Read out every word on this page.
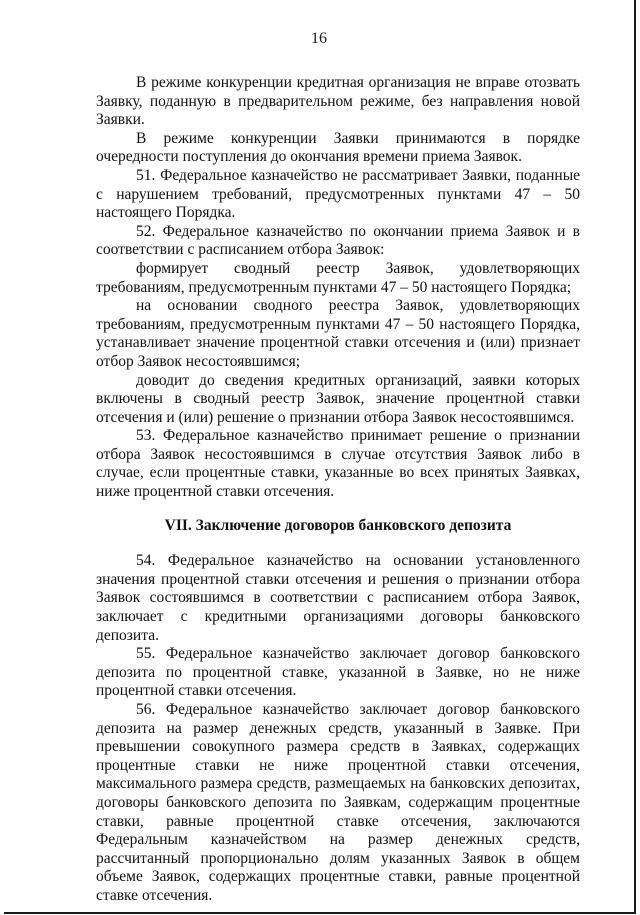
16

В режиме конкуренции кредитная организация не вправе отозвать Заявку, поданную в предварительном режиме, без направления новой Заявки.

В режиме конкуренции Заявки принимаются в порядке очередности поступления до окончания времени приема Заявок.

51. Федеральное казначейство не рассматривает Заявки, поданные с нарушением требований, предусмотренных пунктами 47 – 50 настоящего Порядка.

52. Федеральное казначейство по окончании приема Заявок и в соответствии с расписанием отбора Заявок:

формирует сводный реестр Заявок, удовлетворяющих требованиям, предусмотренным пунктами 47 – 50 настоящего Порядка;

на основании сводного реестра Заявок, удовлетворяющих требованиям, предусмотренным пунктами 47 – 50 настоящего Порядка, устанавливает значение процентной ставки отсечения и (или) признает отбор Заявок несостоявшимся;

доводит до сведения кредитных организаций, заявки которых включены в сводный реестр Заявок, значение процентной ставки отсечения и (или) решение о признании отбора Заявок несостоявшимся.

53. Федеральное казначейство принимает решение о признании отбора Заявок несостоявшимся в случае отсутствия Заявок либо в случае, если процентные ставки, указанные во всех принятых Заявках, ниже процентной ставки отсечения.

VII. Заключение договоров банковского депозита

54. Федеральное казначейство на основании установленного значения процентной ставки отсечения и решения о признании отбора Заявок состоявшимся в соответствии с расписанием отбора Заявок, заключает с кредитными организациями договоры банковского депозита.

55. Федеральное казначейство заключает договор банковского депозита по процентной ставке, указанной в Заявке, но не ниже процентной ставки отсечения.

56. Федеральное казначейство заключает договор банковского депозита на размер денежных средств, указанный в Заявке. При превышении совокупного размера средств в Заявках, содержащих процентные ставки не ниже процентной ставки отсечения, максимального размера средств, размещаемых на банковских депозитах, договоры банковского депозита по Заявкам, содержащим процентные ставки, равные процентной ставке отсечения, заключаются Федеральным казначейством на размер денежных средств, рассчитанный пропорционально долям указанных Заявок в общем объеме Заявок, содержащих процентные ставки, равные процентной ставке отсечения.
